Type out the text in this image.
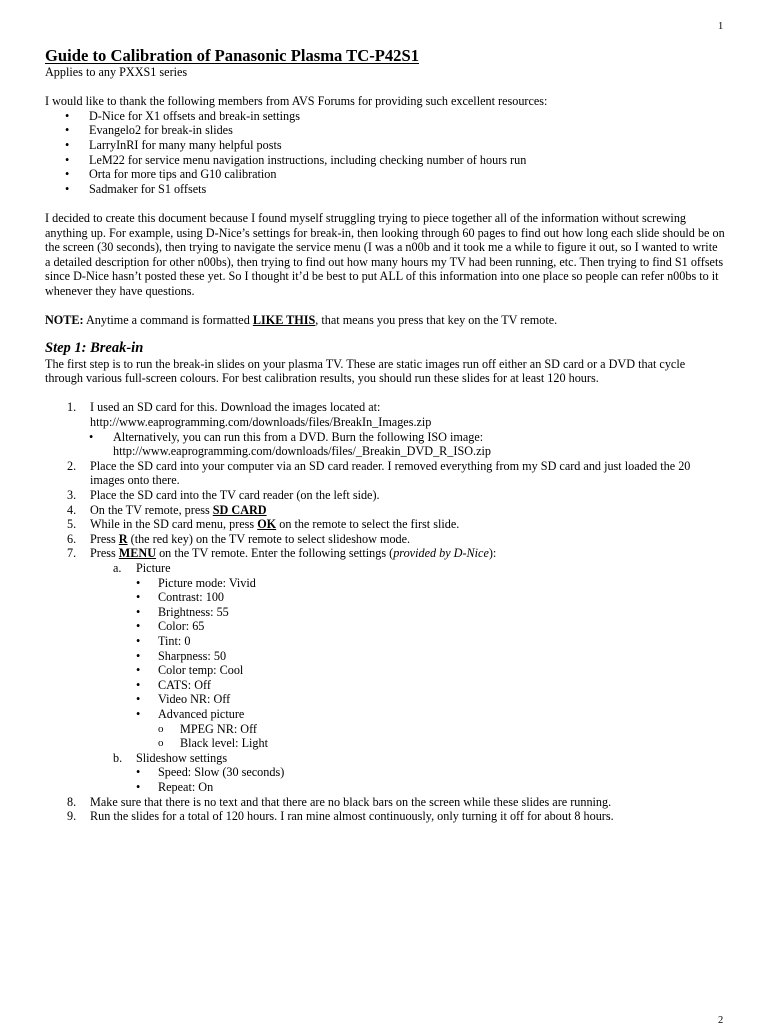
1
Guide to Calibration of Panasonic Plasma TC-P42S1

Applies to any PXXS1 series

I would like to thank the following members from AVS Forums for providing such excellent resources:

• D-Nice for X1 offsets and break-in settings
• Evangelo2 for break-in slides
• LarryInRI for many many helpful posts
• LeM22 for service menu navigation instructions, including checking number of hours run
• Orta for more tips and G10 calibration
• Sadmaker for S1 offsets

I decided to create this document because I found myself struggling trying to piece together all of the information without screwing anything up. For example, using D-Nice’s settings for break-in, then looking through 60 pages to find out how long each slide should be on the screen (30 seconds), then trying to navigate the service menu (I was a n00b and it took me a while to figure it out, so I wanted to write a detailed description for other n00bs), then trying to find out how many hours my TV had been running, etc. Then trying to find S1 offsets since D-Nice hasn’t posted these yet. So I thought it’d be best to put ALL of this information into one place so people can refer n00bs to it whenever they have questions.

NOTE: Anytime a command is formatted LIKE THIS, that means you press that key on the TV remote.

Step 1: Break-in

The first step is to run the break-in slides on your plasma TV. These are static images run off either an SD card or a DVD that cycle through various full-screen colours. For best calibration results, you should run these slides for at least 120 hours.

1. I used an SD card for this. Download the images located at:
http://www.eaprogramming.com/downloads/files/BreakIn_Images.zip
• Alternatively, you can run this from a DVD. Burn the following ISO image:
http://www.eaprogramming.com/downloads/files/_Breakin_DVD_R_ISO.zip
2. Place the SD card into your computer via an SD card reader. I removed everything from my SD card and just loaded the 20 images onto there.
3. Place the SD card into the TV card reader (on the left side).
4. On the TV remote, press SD CARD
5. While in the SD card menu, press OK on the remote to select the first slide.
6. Press R (the red key) on the TV remote to select slideshow mode.
7. Press MENU on the TV remote. Enter the following settings (provided by D-Nice):
a. Picture
• Picture mode: Vivid
• Contrast: 100
• Brightness: 55
• Color: 65
• Tint: 0
• Sharpness: 50
• Color temp: Cool
• CATS: Off
• Video NR: Off
• Advanced picture
o MPEG NR: Off
o Black level: Light
b. Slideshow settings
• Speed: Slow (30 seconds)
• Repeat: On
8. Make sure that there is no text and that there are no black bars on the screen while these slides are running.
9. Run the slides for a total of 120 hours. I ran mine almost continuously, only turning it off for about 8 hours.
2
